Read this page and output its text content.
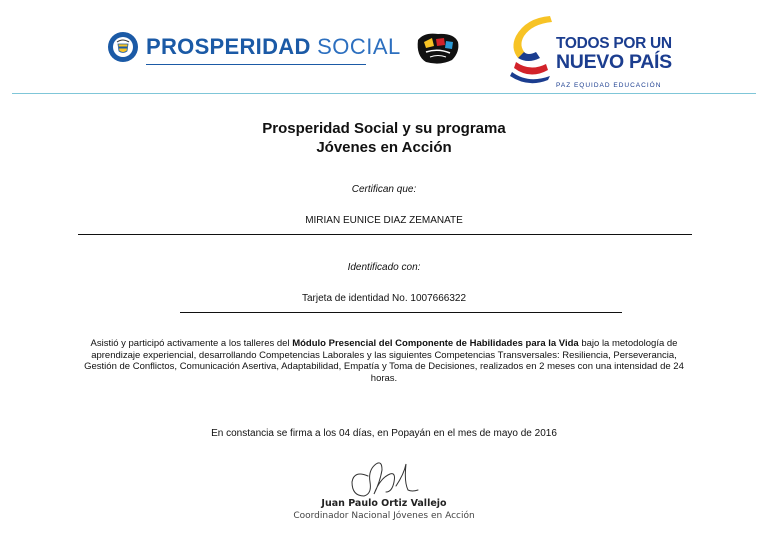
PROSPERIDAD SOCIAL	TODOS POR UN
NUEVO PAÍS
PAZ EQUIDAD EDUCACIÓN
Prosperidad Social y su programa
Jóvenes en Acción
Certifican que:
MIRIAN EUNICE DIAZ ZEMANATE
Identificado con:
Tarjeta de identidad No. 1007666322
Asistió y participó activamente a los talleres del Módulo Presencial del Componente de Habilidades para la Vida bajo la metodología de aprendizaje experiencial, desarrollando Competencias Laborales y las siguientes Competencias Transversales: Resiliencia, Perseverancia, Gestión de Conflictos, Comunicación Asertiva, Adaptabilidad, Empatía y Toma de Decisiones, realizados en 2 meses con una intensidad de 24 horas.
En constancia se firma a los 04 días, en Popayán en el mes de mayo de 2016
Juan Paulo Ortiz Vallejo
Coordinador Nacional Jóvenes en Acción
